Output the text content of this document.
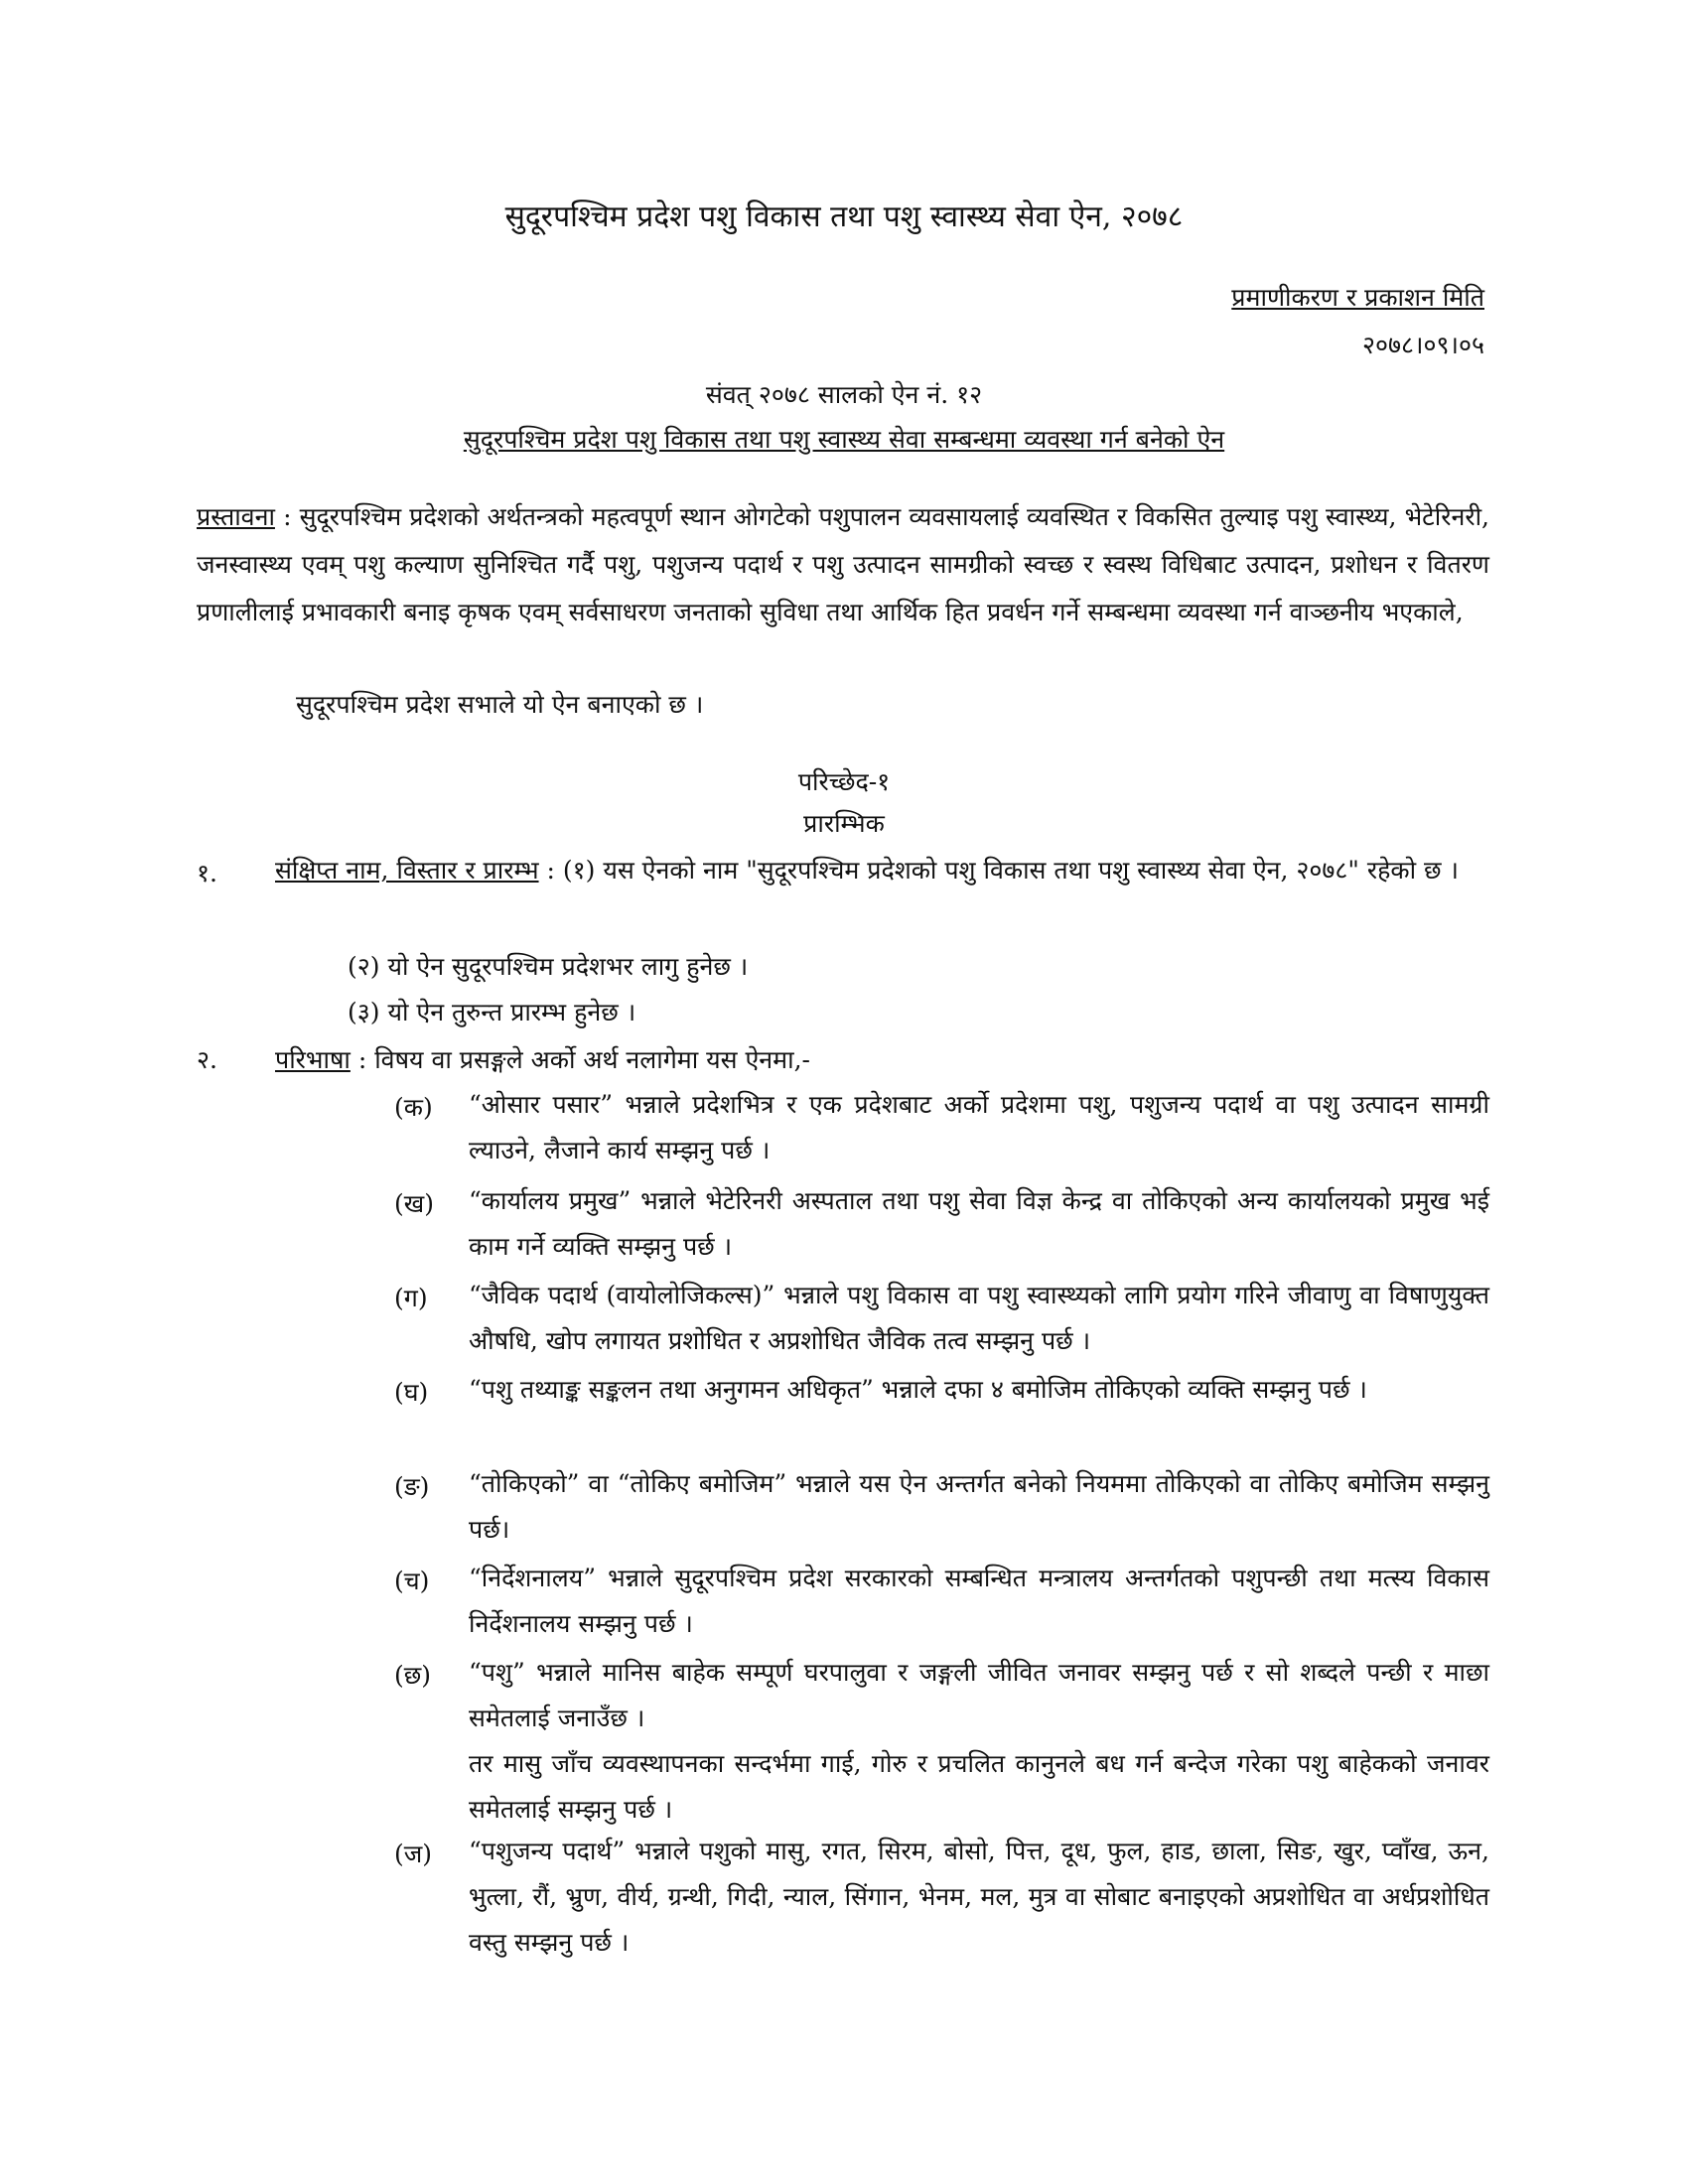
सुदूरपश्चिम प्रदेश पशु विकास तथा पशु स्वास्थ्य सेवा ऐन, २०७८
प्रमाणीकरण र प्रकाशन मिति
२०७८।०९।०५
संवत् २०७८ सालको ऐन नं. १२
सुदूरपश्चिम प्रदेश पशु विकास तथा पशु स्वास्थ्य सेवा सम्बन्धमा व्यवस्था गर्न बनेको ऐन
प्रस्तावना : सुदूरपश्चिम प्रदेशको अर्थतन्त्रको महत्वपूर्ण स्थान ओगटेको पशुपालन व्यवसायलाई व्यवस्थित र विकसित तुल्याइ पशु स्वास्थ्य, भेटेरिनरी, जनस्वास्थ्य एवम् पशु कल्याण सुनिश्चित गर्दै पशु, पशुजन्य पदार्थ र पशु उत्पादन सामग्रीको स्वच्छ र स्वस्थ विधिबाट उत्पादन, प्रशोधन र वितरण प्रणालीलाई प्रभावकारी बनाइ कृषक एवम् सर्वसाधरण जनताको सुविधा तथा आर्थिक हित प्रवर्धन गर्ने सम्बन्धमा व्यवस्था गर्न वाञ्छनीय भएकाले,
सुदूरपश्चिम प्रदेश सभाले यो ऐन बनाएको छ ।
परिच्छेद-१
प्रारम्भिक
१. संक्षिप्त नाम, विस्तार र प्रारम्भ : (१) यस ऐनको नाम "सुदूरपश्चिम प्रदेशको पशु विकास तथा पशु स्वास्थ्य सेवा ऐन, २०७८" रहेको छ ।
(२) यो ऐन सुदूरपश्चिम प्रदेशभर लागु हुनेछ ।
(३) यो ऐन तुरुन्त प्रारम्भ हुनेछ ।
२. परिभाषा : विषय वा प्रसङ्गले अर्को अर्थ नलागेमा यस ऐनमा,-
(क) “ओसार पसार” भन्नाले प्रदेशभित्र र एक प्रदेशबाट अर्को प्रदेशमा पशु, पशुजन्य पदार्थ वा पशु उत्पादन सामग्री ल्याउने, लैजाने कार्य सम्झनु पर्छ ।
(ख) “कार्यालय प्रमुख” भन्नाले भेटेरिनरी अस्पताल तथा पशु सेवा विज्ञ केन्द्र वा तोकिएको अन्य कार्यालयको प्रमुख भई काम गर्ने व्यक्ति सम्झनु पर्छ ।
(ग) “जैविक पदार्थ (वायोलोजिकल्स)” भन्नाले पशु विकास वा पशु स्वास्थ्यको लागि प्रयोग गरिने जीवाणु वा विषाणुयुक्त औषधि, खोप लगायत प्रशोधित र अप्रशोधित जैविक तत्व सम्झनु पर्छ ।
(घ) “पशु तथ्याङ्क सङ्कलन तथा अनुगमन अधिकृत” भन्नाले दफा ४ बमोजिम तोकिएको व्यक्ति सम्झनु पर्छ ।
(ङ) “तोकिएको” वा “तोकिए बमोजिम” भन्नाले यस ऐन अन्तर्गत बनेको नियममा तोकिएको वा तोकिए बमोजिम सम्झनु पर्छ।
(च) “निर्देशनालय” भन्नाले सुदूरपश्चिम प्रदेश सरकारको सम्बन्धित मन्त्रालय अन्तर्गतको पशुपन्छी तथा मत्स्य विकास निर्देशनालय सम्झनु पर्छ ।
(छ) “पशु” भन्नाले मानिस बाहेक सम्पूर्ण घरपालुवा र जङ्गली जीवित जनावर सम्झनु पर्छ र सो शब्दले पन्छी र माछा समेतलाई जनाउँछ ।
तर मासु जाँच व्यवस्थापनका सन्दर्भमा गाई, गोरु र प्रचलित कानुनले बध गर्न बन्देज गरेका पशु बाहेकको जनावर समेतलाई सम्झनु पर्छ ।
(ज) “पशुजन्य पदार्थ” भन्नाले पशुको मासु, रगत, सिरम, बोसो, पित्त, दूध, फुल, हाड, छाला, सिङ, खुर, प्वाँख, ऊन, भुत्ला, रौं, भ्रुण, वीर्य, ग्रन्थी, गिदी, न्याल, सिंगान, भेनम, मल, मुत्र वा सोबाट बनाइएको अप्रशोधित वा अर्धप्रशोधित वस्तु सम्झनु पर्छ ।
